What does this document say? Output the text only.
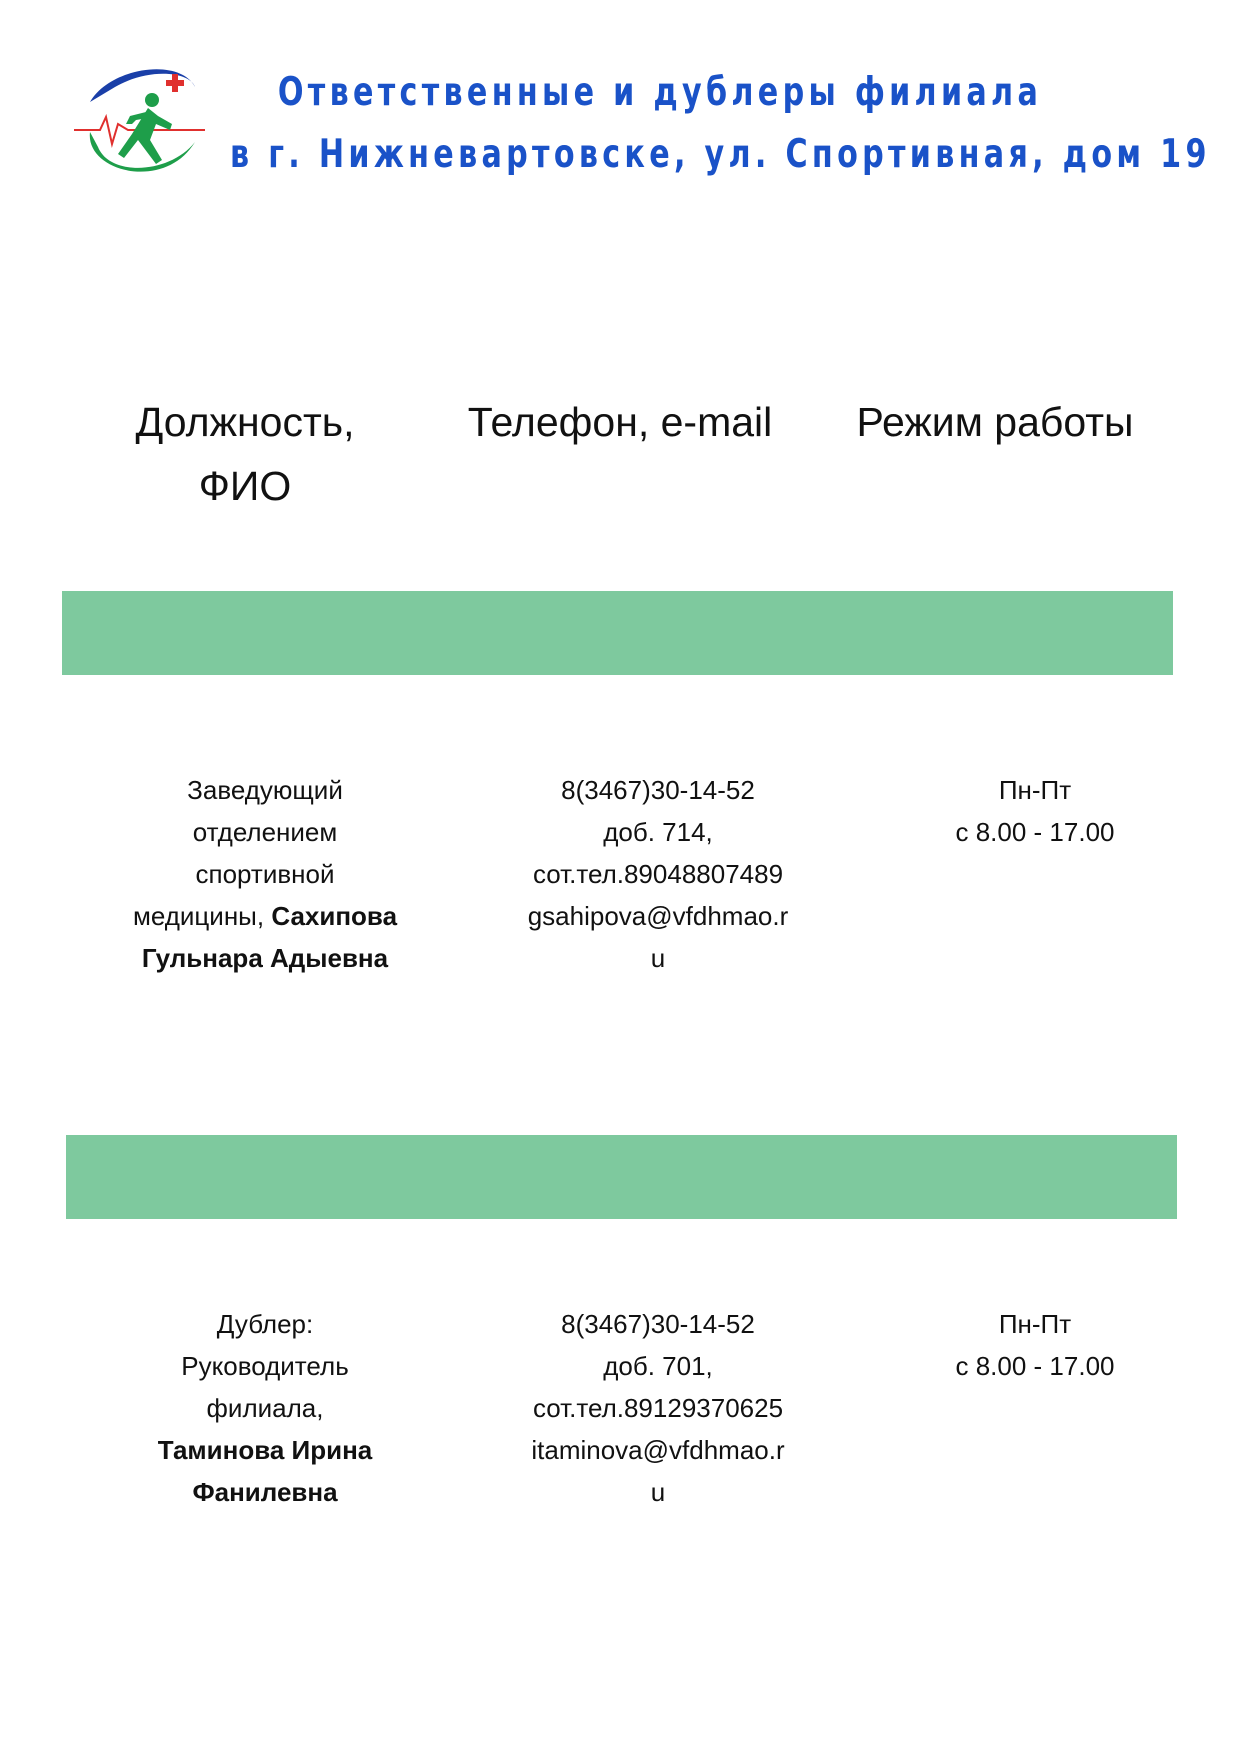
Ответственные и дублеры филиала
в г. Нижневартовске, ул. Спортивная, дом 19
Должность,
ФИО
Телефон, e-mail	Режим работы
Заведующий
отделением
спортивной
медицины, Сахипова
Гульнара Адыевна
8(3467)30-14-52
доб. 714,
сот.тел.89048807489
gsahipova@vfdhmao.r
u
Пн-Пт
с 8.00 - 17.00
Дублер:
Руководитель
филиала,
Таминова Ирина
Фанилевна
8(3467)30-14-52
доб. 701,
сот.тел.89129370625
itaminova@vfdhmao.r
u
Пн-Пт
с 8.00 - 17.00
